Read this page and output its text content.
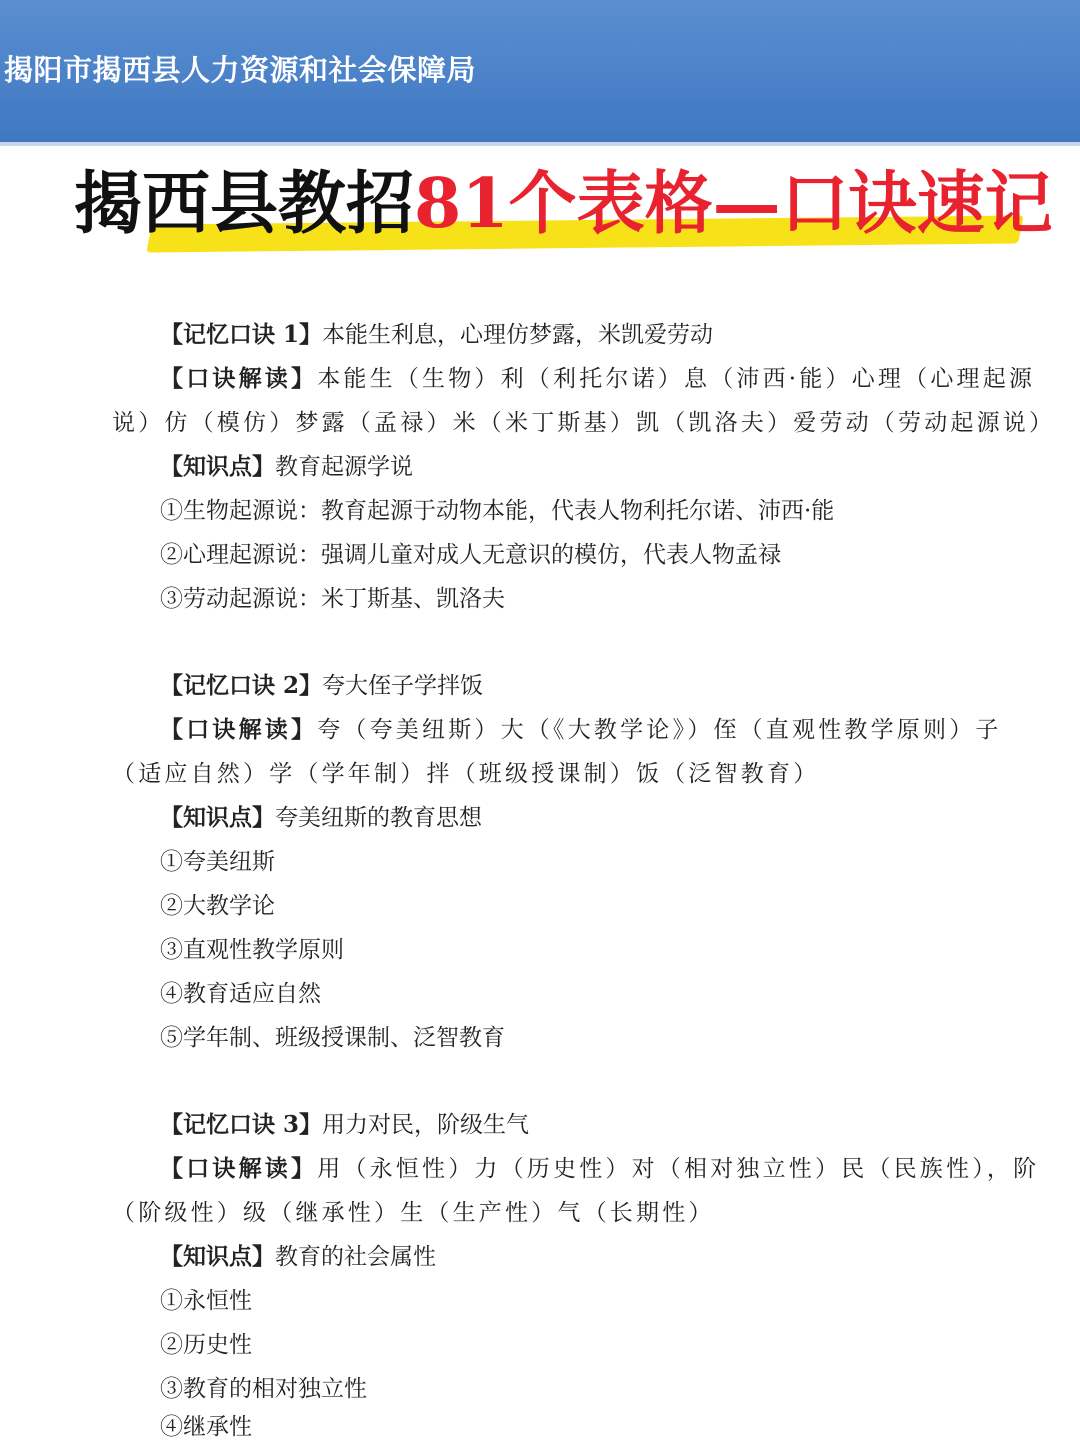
揭阳市揭西县人力资源和社会保障局
揭西县教招81个表格—口诀速记
【记忆口诀 1】本能生利息，心理仿梦露，米凯爱劳动
【口诀解读】本能生（生物）利（利托尔诺）息（沛西·能）心理（心理起源
说）仿（模仿）梦露（孟禄）米（米丁斯基）凯（凯洛夫）爱劳动（劳动起源说）
【知识点】教育起源学说
①生物起源说：教育起源于动物本能，代表人物利托尔诺、沛西·能
②心理起源说：强调儿童对成人无意识的模仿，代表人物孟禄
③劳动起源说：米丁斯基、凯洛夫
【记忆口诀 2】夸大侄子学拌饭
【口诀解读】夸（夸美纽斯）大（《大教学论》）侄（直观性教学原则）子
（适应自然）学（学年制）拌（班级授课制）饭（泛智教育）
【知识点】夸美纽斯的教育思想
①夸美纽斯
②大教学论
③直观性教学原则
④教育适应自然
⑤学年制、班级授课制、泛智教育
【记忆口诀 3】用力对民，阶级生气
【口诀解读】用（永恒性）力（历史性）对（相对独立性）民（民族性），阶
（阶级性）级（继承性）生（生产性）气（长期性）
【知识点】教育的社会属性
①永恒性
②历史性
③教育的相对独立性
④继承性
